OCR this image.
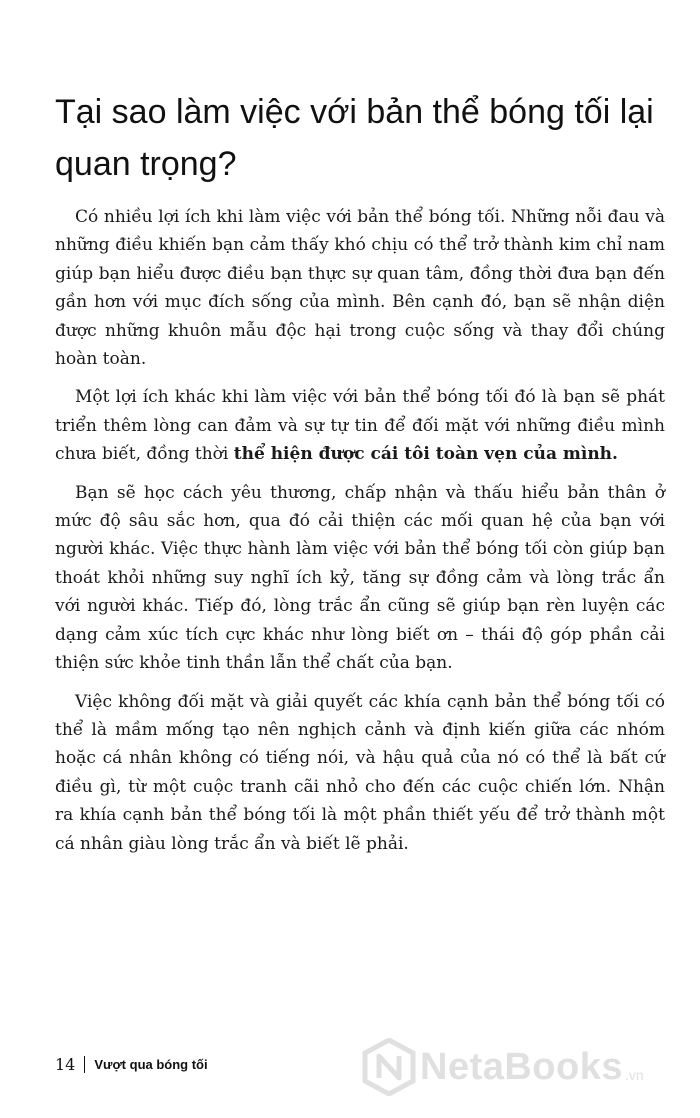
Tại sao làm việc với bản thể bóng tối lại quan trọng?

Có nhiều lợi ích khi làm việc với bản thể bóng tối. Những nỗi đau và những điều khiến bạn cảm thấy khó chịu có thể trở thành kim chỉ nam giúp bạn hiểu được điều bạn thực sự quan tâm, đồng thời đưa bạn đến gần hơn với mục đích sống của mình. Bên cạnh đó, bạn sẽ nhận diện được những khuôn mẫu độc hại trong cuộc sống và thay đổi chúng hoàn toàn.

Một lợi ích khác khi làm việc với bản thể bóng tối đó là bạn sẽ phát triển thêm lòng can đảm và sự tự tin để đối mặt với những điều mình chưa biết, đồng thời thể hiện được cái tôi toàn vẹn của mình.

Bạn sẽ học cách yêu thương, chấp nhận và thấu hiểu bản thân ở mức độ sâu sắc hơn, qua đó cải thiện các mối quan hệ của bạn với người khác. Việc thực hành làm việc với bản thể bóng tối còn giúp bạn thoát khỏi những suy nghĩ ích kỷ, tăng sự đồng cảm và lòng trắc ẩn với người khác. Tiếp đó, lòng trắc ẩn cũng sẽ giúp bạn rèn luyện các dạng cảm xúc tích cực khác như lòng biết ơn – thái độ góp phần cải thiện sức khỏe tinh thần lẫn thể chất của bạn.

Việc không đối mặt và giải quyết các khía cạnh bản thể bóng tối có thể là mầm mống tạo nên nghịch cảnh và định kiến giữa các nhóm hoặc cá nhân không có tiếng nói, và hậu quả của nó có thể là bất cứ điều gì, từ một cuộc tranh cãi nhỏ cho đến các cuộc chiến lớn. Nhận ra khía cạnh bản thể bóng tối là một phần thiết yếu để trở thành một cá nhân giàu lòng trắc ẩn và biết lẽ phải.

14 Vượt qua bóng tối	NetaBooks .vn
